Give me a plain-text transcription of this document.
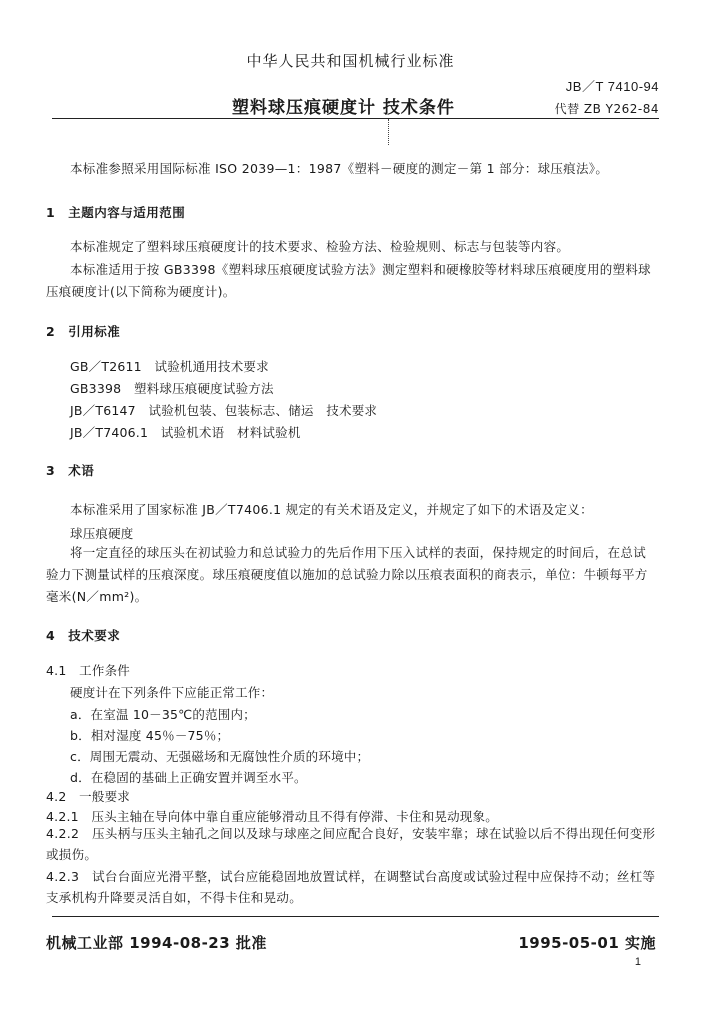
中华人民共和国机械行业标准
JB／T 7410-94
塑料球压痕硬度计 技术条件	代替 ZB Y262-84
本标准参照采用国际标准 ISO 2039—1：1987《塑料－硬度的测定－第 1 部分：球压痕法》。
1　主题内容与适用范围
本标准规定了塑料球压痕硬度计的技术要求、检验方法、检验规则、标志与包装等内容。
本标准适用于按 GB3398《塑料球压痕硬度试验方法》测定塑料和硬橡胶等材料球压痕硬度用的塑料球压痕硬度计(以下简称为硬度计)。
2　引用标准
GB／T2611　试验机通用技术要求
GB3398　塑料球压痕硬度试验方法
JB／T6147　试验机包装、包装标志、储运　技术要求
JB／T7406.1　试验机术语　材料试验机
3　术语
本标准采用了国家标准 JB／T7406.1 规定的有关术语及定义，并规定了如下的术语及定义：
球压痕硬度
将一定直径的球压头在初试验力和总试验力的先后作用下压入试样的表面，保持规定的时间后，在总试验力下测量试样的压痕深度。球压痕硬度值以施加的总试验力除以压痕表面积的商表示，单位：牛顿每平方毫米(N／mm²)。
4　技术要求
4.1　工作条件
硬度计在下列条件下应能正常工作：
a．在室温 10－35℃的范围内；
b．相对湿度 45％－75％；
c．周围无震动、无强磁场和无腐蚀性介质的环境中；
d．在稳固的基础上正确安置并调至水平。
4.2　一般要求
4.2.1　压头主轴在导向体中靠自重应能够滑动且不得有停滞、卡住和晃动现象。
4.2.2　压头柄与压头主轴孔之间以及球与球座之间应配合良好，安装牢靠；球在试验以后不得出现任何变形或损伤。
4.2.3　试台台面应光滑平整，试台应能稳固地放置试样，在调整试台高度或试验过程中应保持不动；丝杠等支承机构升降要灵活自如，不得卡住和晃动。
机械工业部 1994-08-23 批准	1995-05-01 实施
1
